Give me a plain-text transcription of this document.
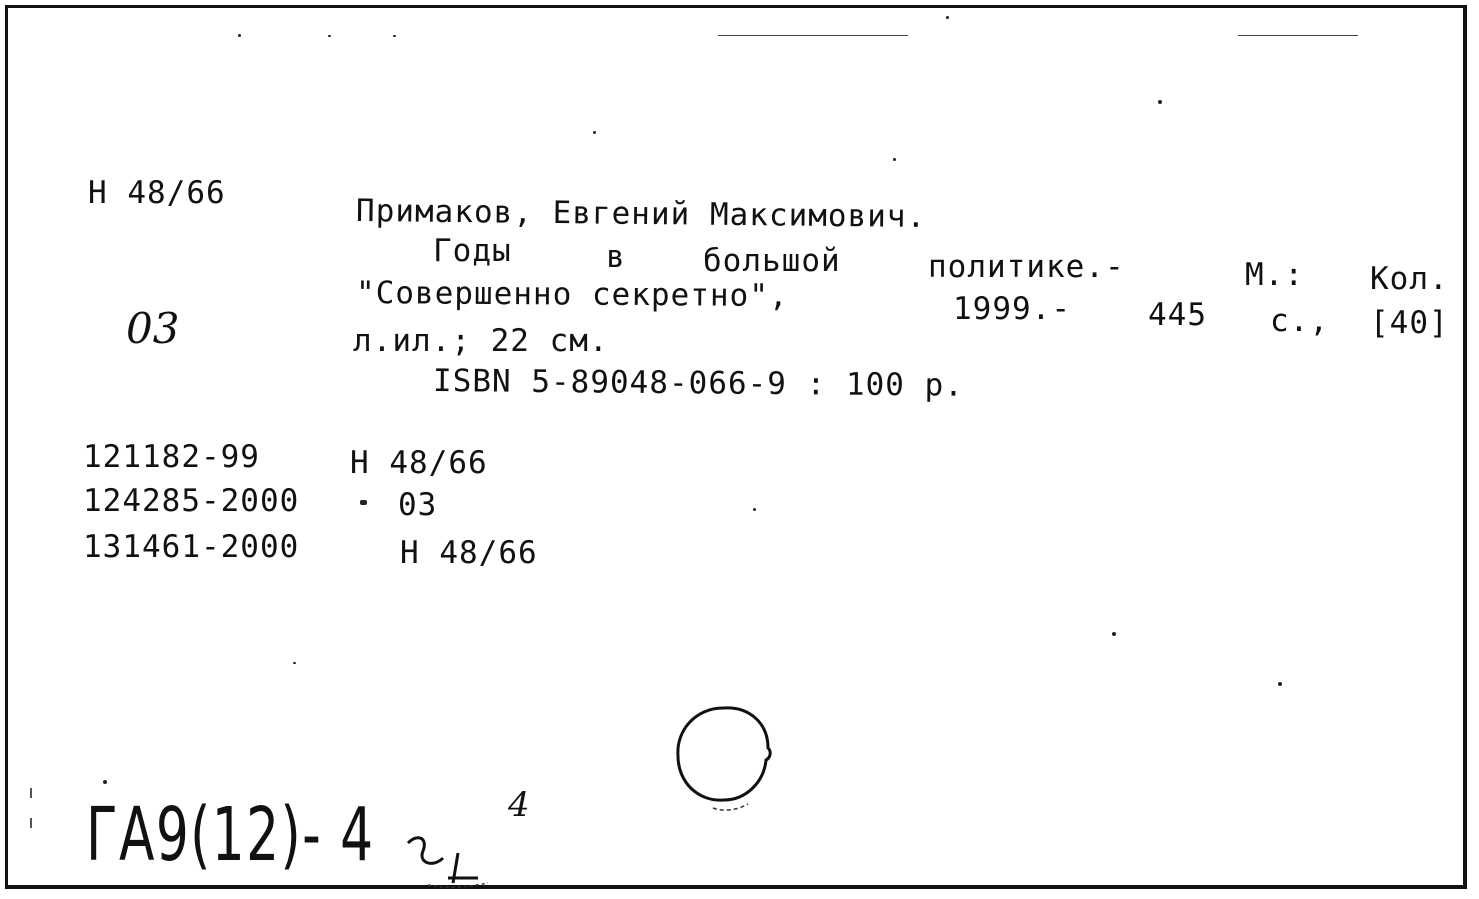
Н 48/66
03
Примаков, Евгений Максимович.
Годы	в большой	политике.-	М.: Кол.
"Совершенно секретно",	1999.- 445 с., [40]
л.ил.; 22 см.
ISBN 5-89048-066-9 : 100 р.
121182-99	Н 48/66
124285-2000	03
131461-2000	Н 48/66
ГА9(12)- 4	4
